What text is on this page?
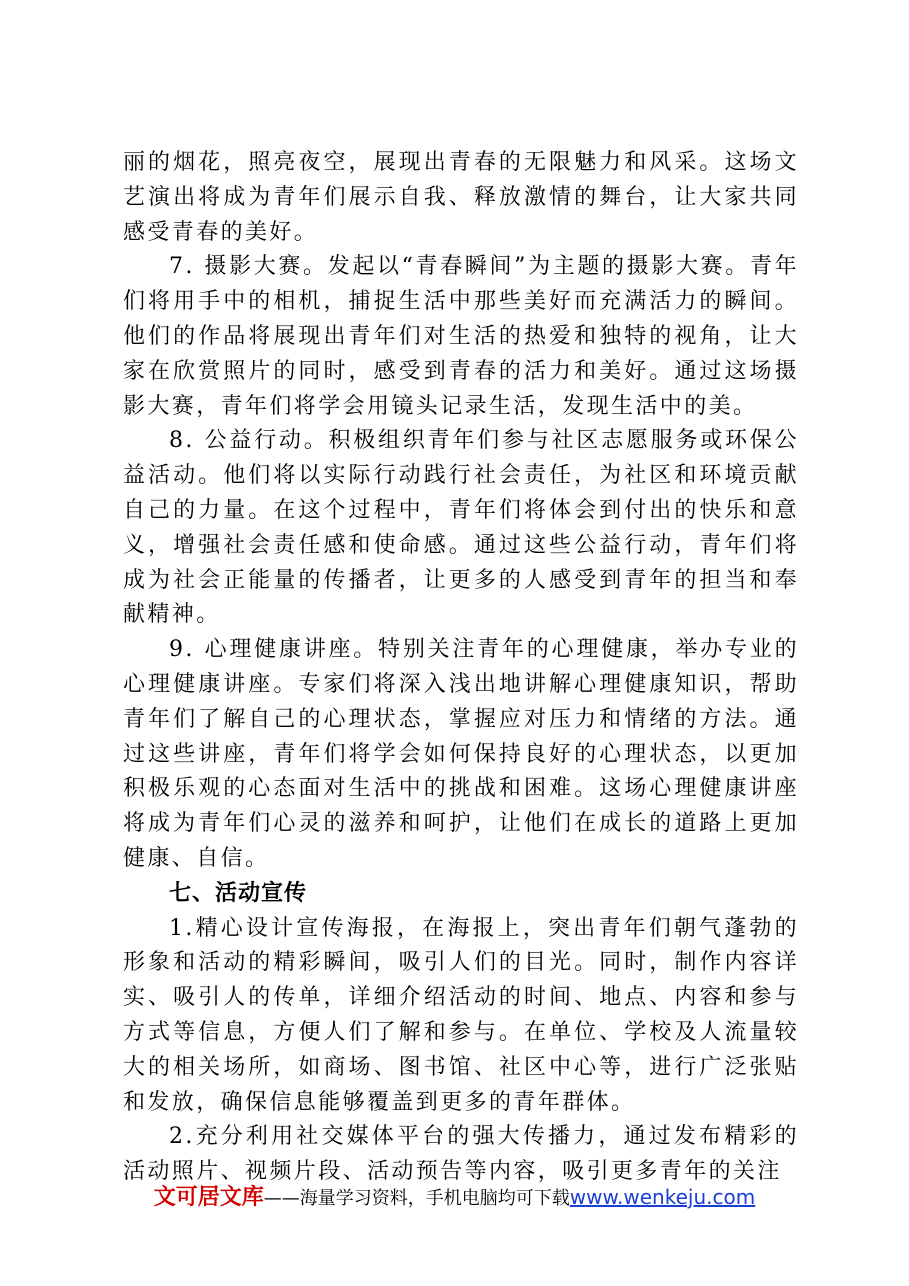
丽的烟花，照亮夜空，展现出青春的无限魅力和风采。这场文艺演出将成为青年们展示自我、释放激情的舞台，让大家共同感受青春的美好。

7. 摄影大赛。发起以“青春瞬间”为主题的摄影大赛。青年们将用手中的相机，捕捉生活中那些美好而充满活力的瞬间。他们的作品将展现出青年们对生活的热爱和独特的视角，让大家在欣赏照片的同时，感受到青春的活力和美好。通过这场摄影大赛，青年们将学会用镜头记录生活，发现生活中的美。

8. 公益行动。积极组织青年们参与社区志愿服务或环保公益活动。他们将以实际行动践行社会责任，为社区和环境贡献自己的力量。在这个过程中，青年们将体会到付出的快乐和意义，增强社会责任感和使命感。通过这些公益行动，青年们将成为社会正能量的传播者，让更多的人感受到青年的担当和奉献精神。

9. 心理健康讲座。特别关注青年的心理健康，举办专业的心理健康讲座。专家们将深入浅出地讲解心理健康知识，帮助青年们了解自己的心理状态，掌握应对压力和情绪的方法。通过这些讲座，青年们将学会如何保持良好的心理状态，以更加积极乐观的心态面对生活中的挑战和困难。这场心理健康讲座将成为青年们心灵的滋养和呵护，让他们在成长的道路上更加健康、自信。

七、活动宣传

1.精心设计宣传海报，在海报上，突出青年们朝气蓬勃的形象和活动的精彩瞬间，吸引人们的目光。同时，制作内容详实、吸引人的传单，详细介绍活动的时间、地点、内容和参与方式等信息，方便人们了解和参与。在单位、学校及人流量较大的相关场所，如商场、图书馆、社区中心等，进行广泛张贴和发放，确保信息能够覆盖到更多的青年群体。

2.充分利用社交媒体平台的强大传播力，通过发布精彩的活动照片、视频片段、活动预告等内容，吸引更多青年的关注

文可居文库——海量学习资料，手机电脑均可下载www.wenkeju.com
